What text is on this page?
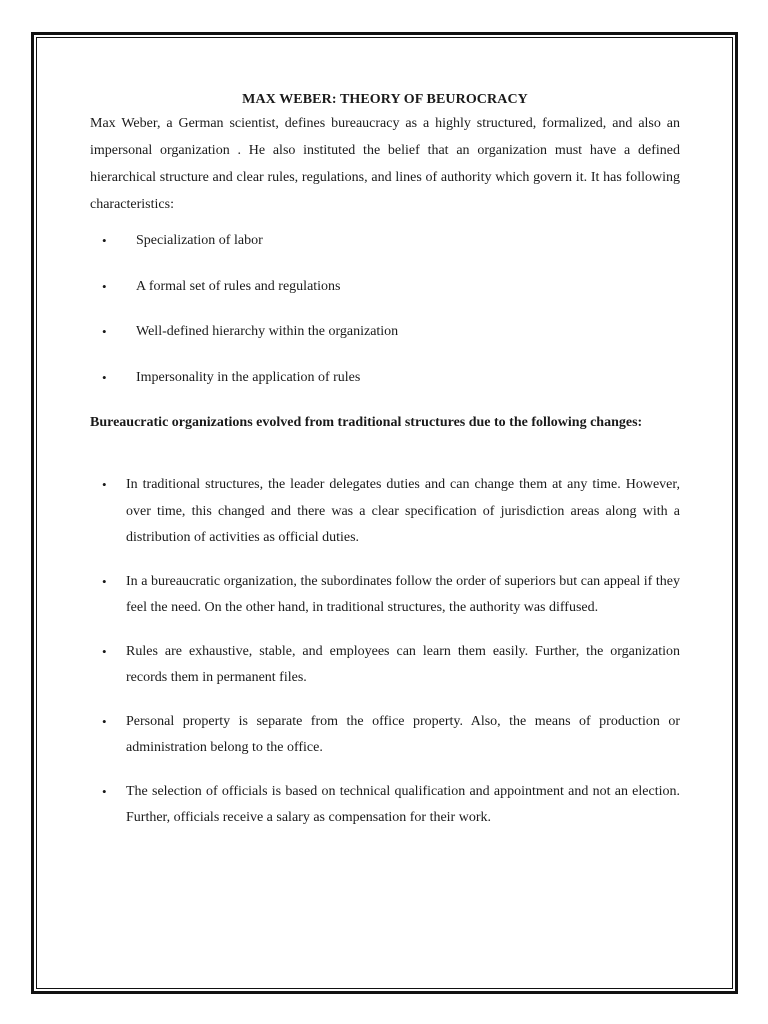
MAX WEBER: THEORY OF BEUROCRACY

Max Weber, a German scientist, defines bureaucracy as a highly structured, formalized, and also an impersonal organization . He also instituted the belief that an organization must have a defined hierarchical structure and clear rules, regulations, and lines of authority which govern it. It has following characteristics:

• Specialization of labor
• A formal set of rules and regulations
• Well-defined hierarchy within the organization
• Impersonality in the application of rules

Bureaucratic organizations evolved from traditional structures due to the following changes:

• In traditional structures, the leader delegates duties and can change them at any time. However, over time, this changed and there was a clear specification of jurisdiction areas along with a distribution of activities as official duties.
• In a bureaucratic organization, the subordinates follow the order of superiors but can appeal if they feel the need. On the other hand, in traditional structures, the authority was diffused.
• Rules are exhaustive, stable, and employees can learn them easily. Further, the organization records them in permanent files.
• Personal property is separate from the office property. Also, the means of production or administration belong to the office.
• The selection of officials is based on technical qualification and appointment and not an election. Further, officials receive a salary as compensation for their work.
